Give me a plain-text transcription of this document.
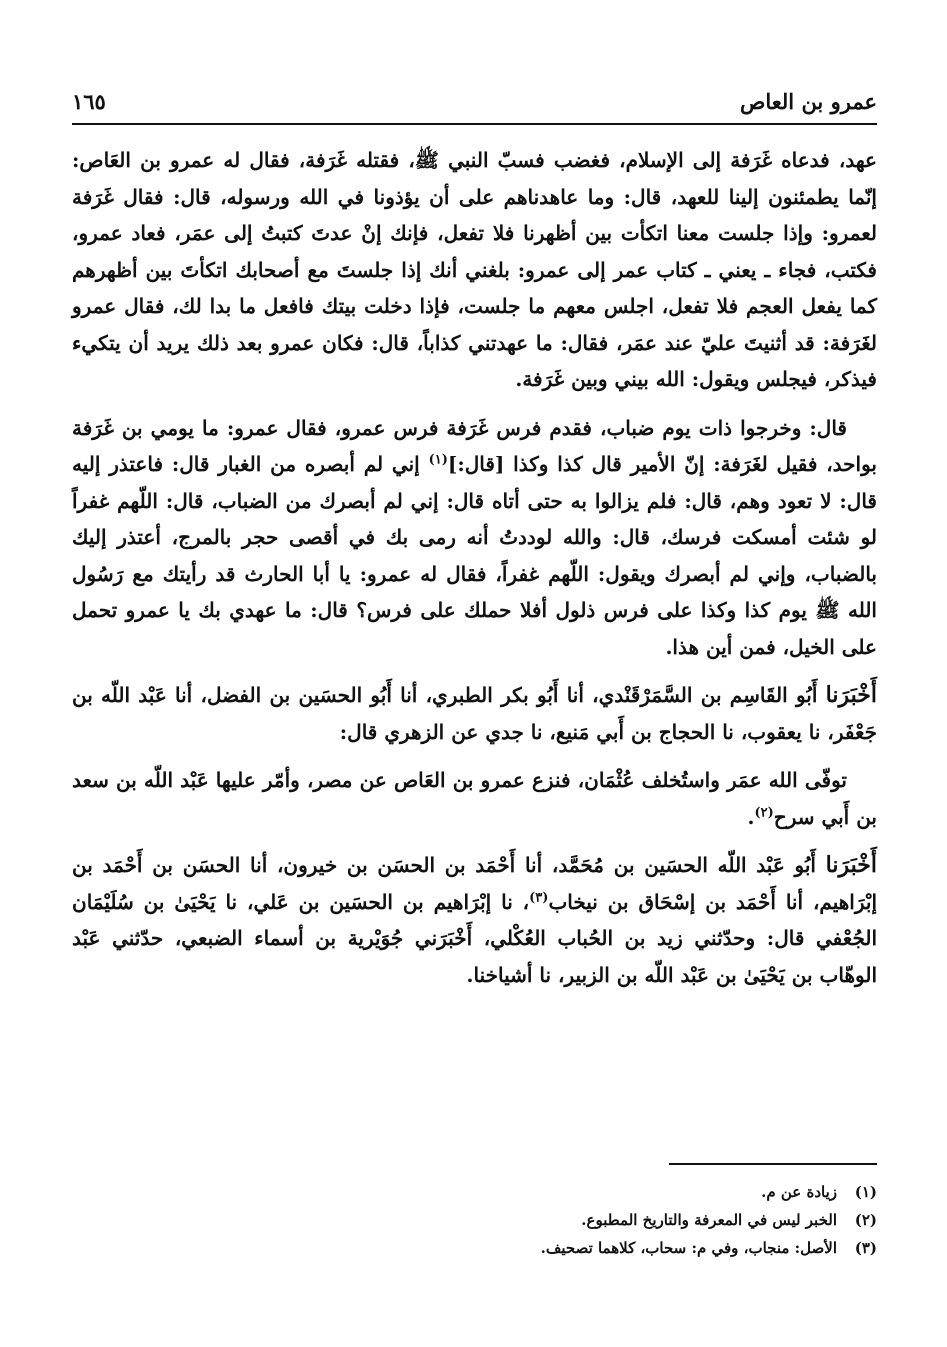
١٦٥	عمرو بن العاص

عهد، فدعاه غَرَفة إلى الإسلام، فغضب فسبّ النبي ﷺ، فقتله غَرَفة، فقال له عمرو بن العَاص: إنّما يطمئنون إلينا للعهد، قال: وما عاهدناهم على أن يؤذونا في الله ورسوله، قال: فقال غَرَفة لعمرو: وإذا جلست معنا اتكأت بين أظهرنا فلا تفعل، فإنك إنْ عدتَ كتبتُ إلى عمَر، فعاد عمرو، فكتب، فجاء ـ يعني ـ كتاب عمر إلى عمرو: بلغني أنك إذا جلستَ مع أصحابك اتكأتَ بين أظهرهم كما يفعل العجم فلا تفعل، اجلس معهم ما جلست، فإذا دخلت بيتك فافعل ما بدا لك، فقال عمرو لغَرَفة: قد أثنيتَ عليّ عند عمَر، فقال: ما عهدتني كذاباً، قال: فكان عمرو بعد ذلك يريد أن يتكيء فيذكر، فيجلس ويقول: الله بيني وبين غَرَفة.

قال: وخرجوا ذات يوم ضباب، فقدم فرس غَرَفة فرس عمرو، فقال عمرو: ما يومي بن غَرَفة بواحد، فقيل لغَرَفة: إنّ الأمير قال كذا وكذا [قال:]$^{(١)}$ إني لم أبصره من الغبار قال: فاعتذر إليه قال: لا تعود وهم، قال: فلم يزالوا به حتى أتاه قال: إني لم أبصرك من الضباب، قال: اللّهم غفراً لو شئت أمسكت فرسك، قال: والله لوددتُ أنه رمى بك في أقصى حجر بالمرج، أعتذر إليك بالضباب، وإني لم أبصرك ويقول: اللّهم غفراً، فقال له عمرو: يا أبا الحارث قد رأيتك مع رَسُول الله ﷺ يوم كذا وكذا على فرس ذلول أفلا حملك على فرس؟ قال: ما عهدي بك يا عمرو تحمل على الخيل، فمن أين هذا.

أَخْبَرَنا أَبُو القَاسِم بن السَّمَرْقَنْدي، أنا أَبُو بكر الطبري، أنا أَبُو الحسَين بن الفضل، أنا عَبْد اللّه بن جَعْفَر، نا يعقوب، نا الحجاج بن أَبي مَنيع، نا جدي عن الزهري قال:

توفّى الله عمَر واستُخلف عُثْمَان، فنزع عمرو بن العَاص عن مصر، وأمّر عليها عَبْد اللّه بن سعد بن أَبي سرح$^{(٢)}$.

أَخْبَرَنا أَبُو عَبْد اللّه الحسَين بن مُحَمَّد، أنا أَحْمَد بن الحسَن بن خيرون، أنا الحسَن بن أَحْمَد بن إبْرَاهيم، أنا أَحْمَد بن إسْحَاق بن نيخاب$^{(٣)}$، نا إبْرَاهيم بن الحسَين بن عَلي، نا يَحْيَىٰ بن سُلَيْمَان الجُعْفي قال: وحدّثني زيد بن الحُباب العُكْلي، أَخْبَرَني جُوَيْرية بن أسماء الضبعي، حدّثني عَبْد الوهّاب بن يَحْيَىٰ بن عَبْد اللّه بن الزبير، نا أشياخنا.

(١)
زيادة عن م.
(٢)
الخبر ليس في المعرفة والتاريخ المطبوع.
(٣)
الأصل: منجاب، وفي م: سحاب، كلاهما تصحيف.
